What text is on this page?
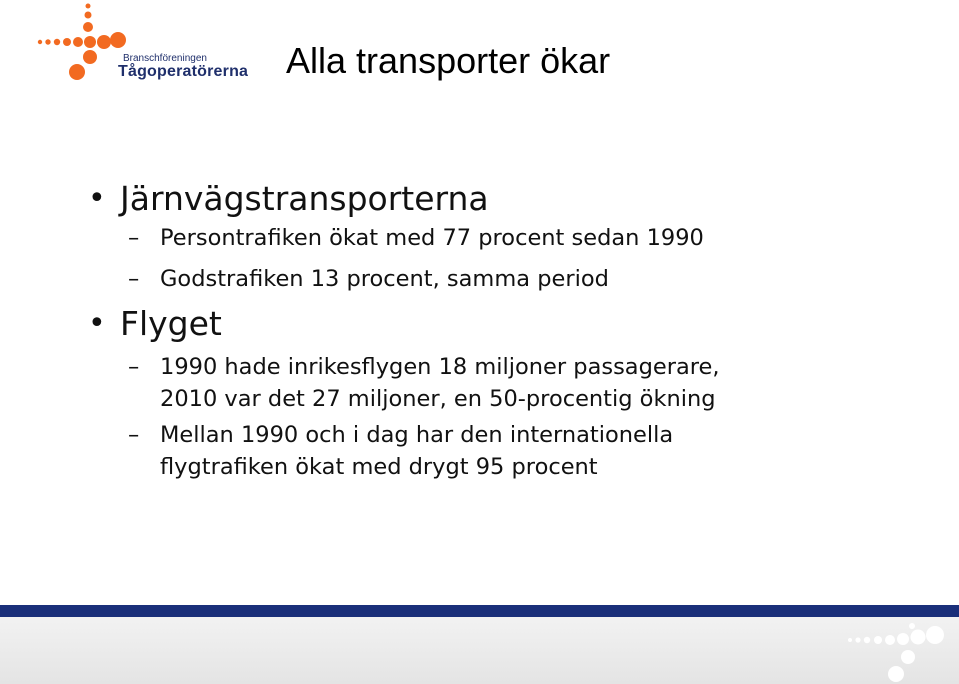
Branschföreningen
Tågoperatörerna Alla transporter ökar
• Järnvägstransporterna
– Persontrafiken ökat med 77 procent sedan 1990
– Godstrafiken 13 procent, samma period
• Flyget
– 1990 hade inrikesflygen 18 miljoner passagerare,
2010 var det 27 miljoner, en 50-procentig ökning
– Mellan 1990 och i dag har den internationella
flygtrafiken ökat med drygt 95 procent
